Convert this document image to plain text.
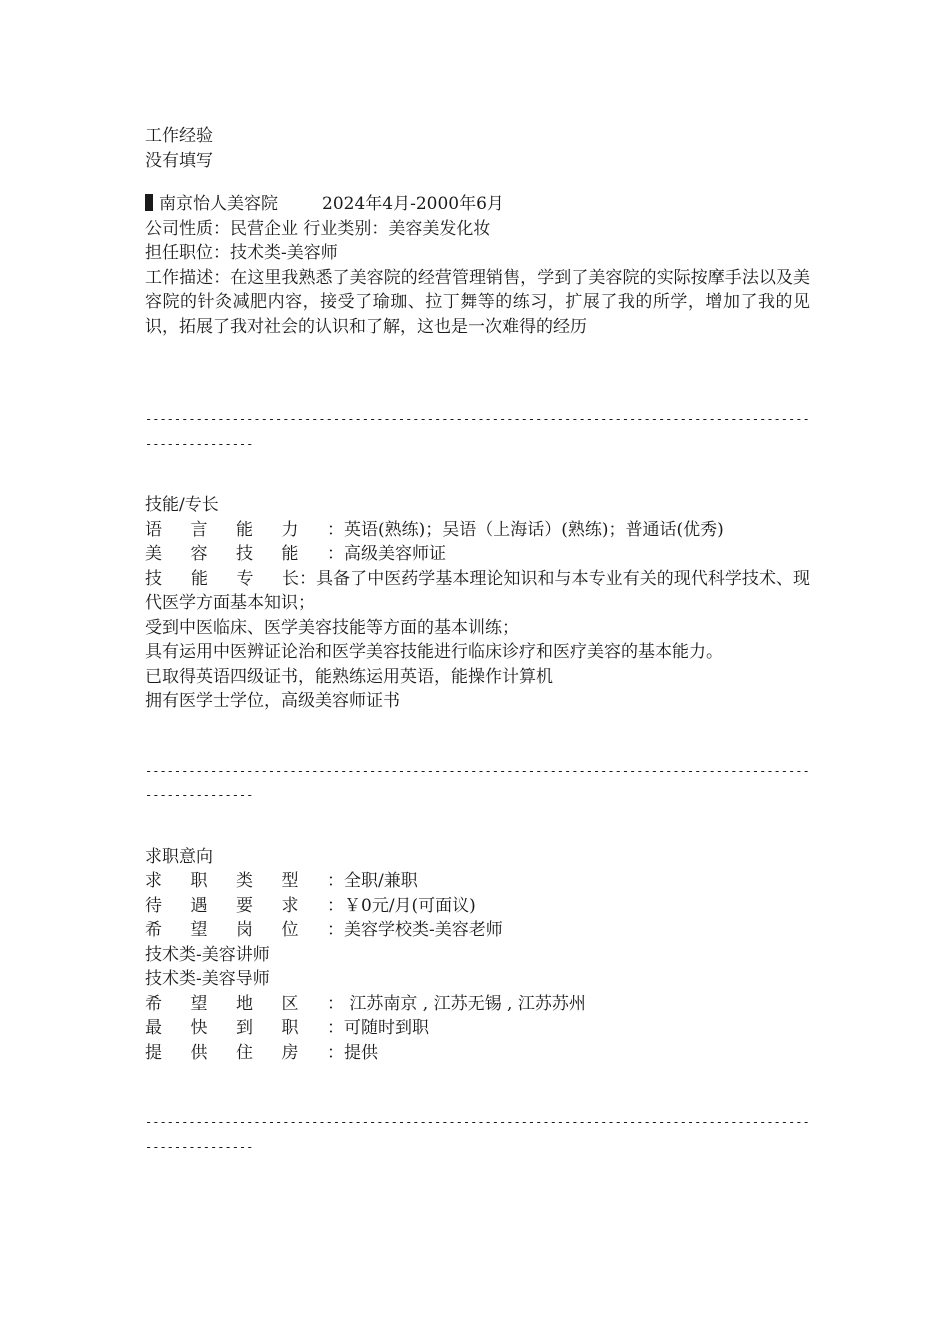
工作经验
没有填写
南京怡人美容院	2024年4月-2000年6月
公司性质：民营企业 行业类别：美容美发化妆
担任职位：技术类-美容师
工作描述：在这里我熟悉了美容院的经营管理销售，学到了美容院的实际按摩手法以及美容院的针灸减肥内容，接受了瑜珈、拉丁舞等的练习，扩展了我的所学，增加了我的见识，拓展了我对社会的认识和了解，这也是一次难得的经历
-----------------------------------------------------------------------------------------------------------
技能/专长
语 言 能 力 ：英语(熟练)；吴语（上海话）(熟练)；普通话(优秀)
美 容 技 能 ：高级美容师证
技 能 专 长：具备了中医药学基本理论知识和与本专业有关的现代科学技术、现代医学方面基本知识；
受到中医临床、医学美容技能等方面的基本训练；
具有运用中医辨证论治和医学美容技能进行临床诊疗和医疗美容的基本能力。
已取得英语四级证书，能熟练运用英语，能操作计算机
拥有医学士学位，高级美容师证书
-----------------------------------------------------------------------------------------------------------
求职意向
求 职 类 型 ：全职/兼职
待 遇 要 求 ：￥0元/月(可面议)
希 望 岗 位 ：美容学校类-美容老师
技术类-美容讲师
技术类-美容导师
希 望 地 区 ： 江苏南京 , 江苏无锡 , 江苏苏州
最 快 到 职 ：可随时到职
提 供 住 房 ：提供
-----------------------------------------------------------------------------------------------------------
